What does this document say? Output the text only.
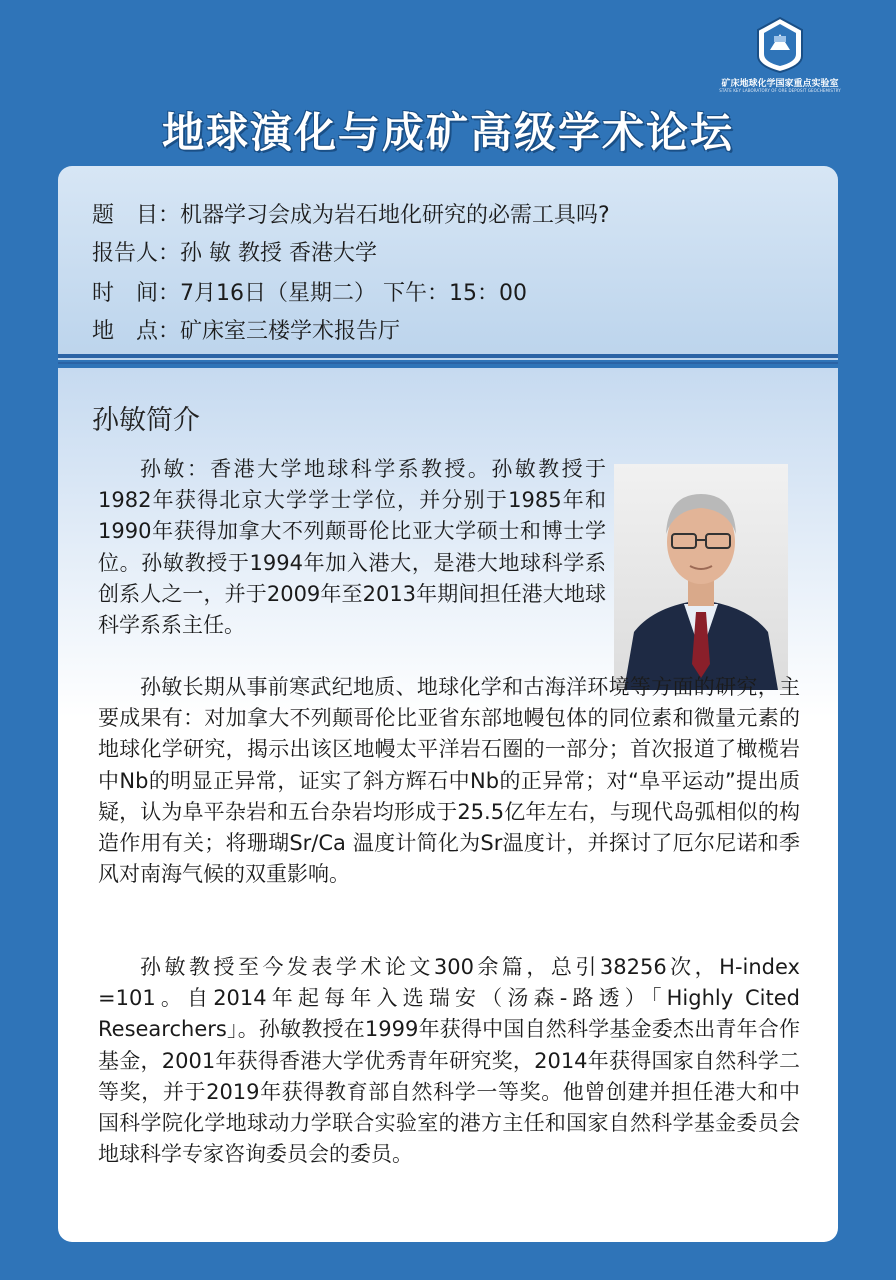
矿床地球化学国家重点实验室
STATE KEY LABORATORY OF ORE DEPOSIT GEOCHEMISTRY
地球演化与成矿高级学术论坛
题　目：机器学习会成为岩石地化研究的必需工具吗?
报告人：孙 敏 教授 香港大学
时　间：7月16日（星期二） 下午：15：00
地　点：矿床室三楼学术报告厅
孙敏简介

孙敏：香港大学地球科学系教授。孙敏教授于1982年获得北京大学学士学位，并分别于1985年和1990年获得加拿大不列颠哥伦比亚大学硕士和博士学位。孙敏教授于1994年加入港大，是港大地球科学系创系人之一，并于2009年至2013年期间担任港大地球科学系系主任。

孙敏长期从事前寒武纪地质、地球化学和古海洋环境等方面的研究，主要成果有：对加拿大不列颠哥伦比亚省东部地幔包体的同位素和微量元素的地球化学研究，揭示出该区地幔太平洋岩石圈的一部分；首次报道了橄榄岩中Nb的明显正异常，证实了斜方辉石中Nb的正异常；对“阜平运动”提出质疑，认为阜平杂岩和五台杂岩均形成于25.5亿年左右，与现代岛弧相似的构造作用有关；将珊瑚Sr/Ca 温度计简化为Sr温度计，并探讨了厄尔尼诺和季风对南海气候的双重影响。

孙敏教授至今发表学术论文300余篇，总引38256次，H-index =101。自2014年起每年入选瑞安（汤森-路透）「Highly Cited Researchers」。孙敏教授在1999年获得中国自然科学基金委杰出青年合作基金，2001年获得香港大学优秀青年研究奖，2014年获得国家自然科学二等奖，并于2019年获得教育部自然科学一等奖。他曾创建并担任港大和中国科学院化学地球动力学联合实验室的港方主任和国家自然科学基金委员会地球科学专家咨询委员会的委员。
